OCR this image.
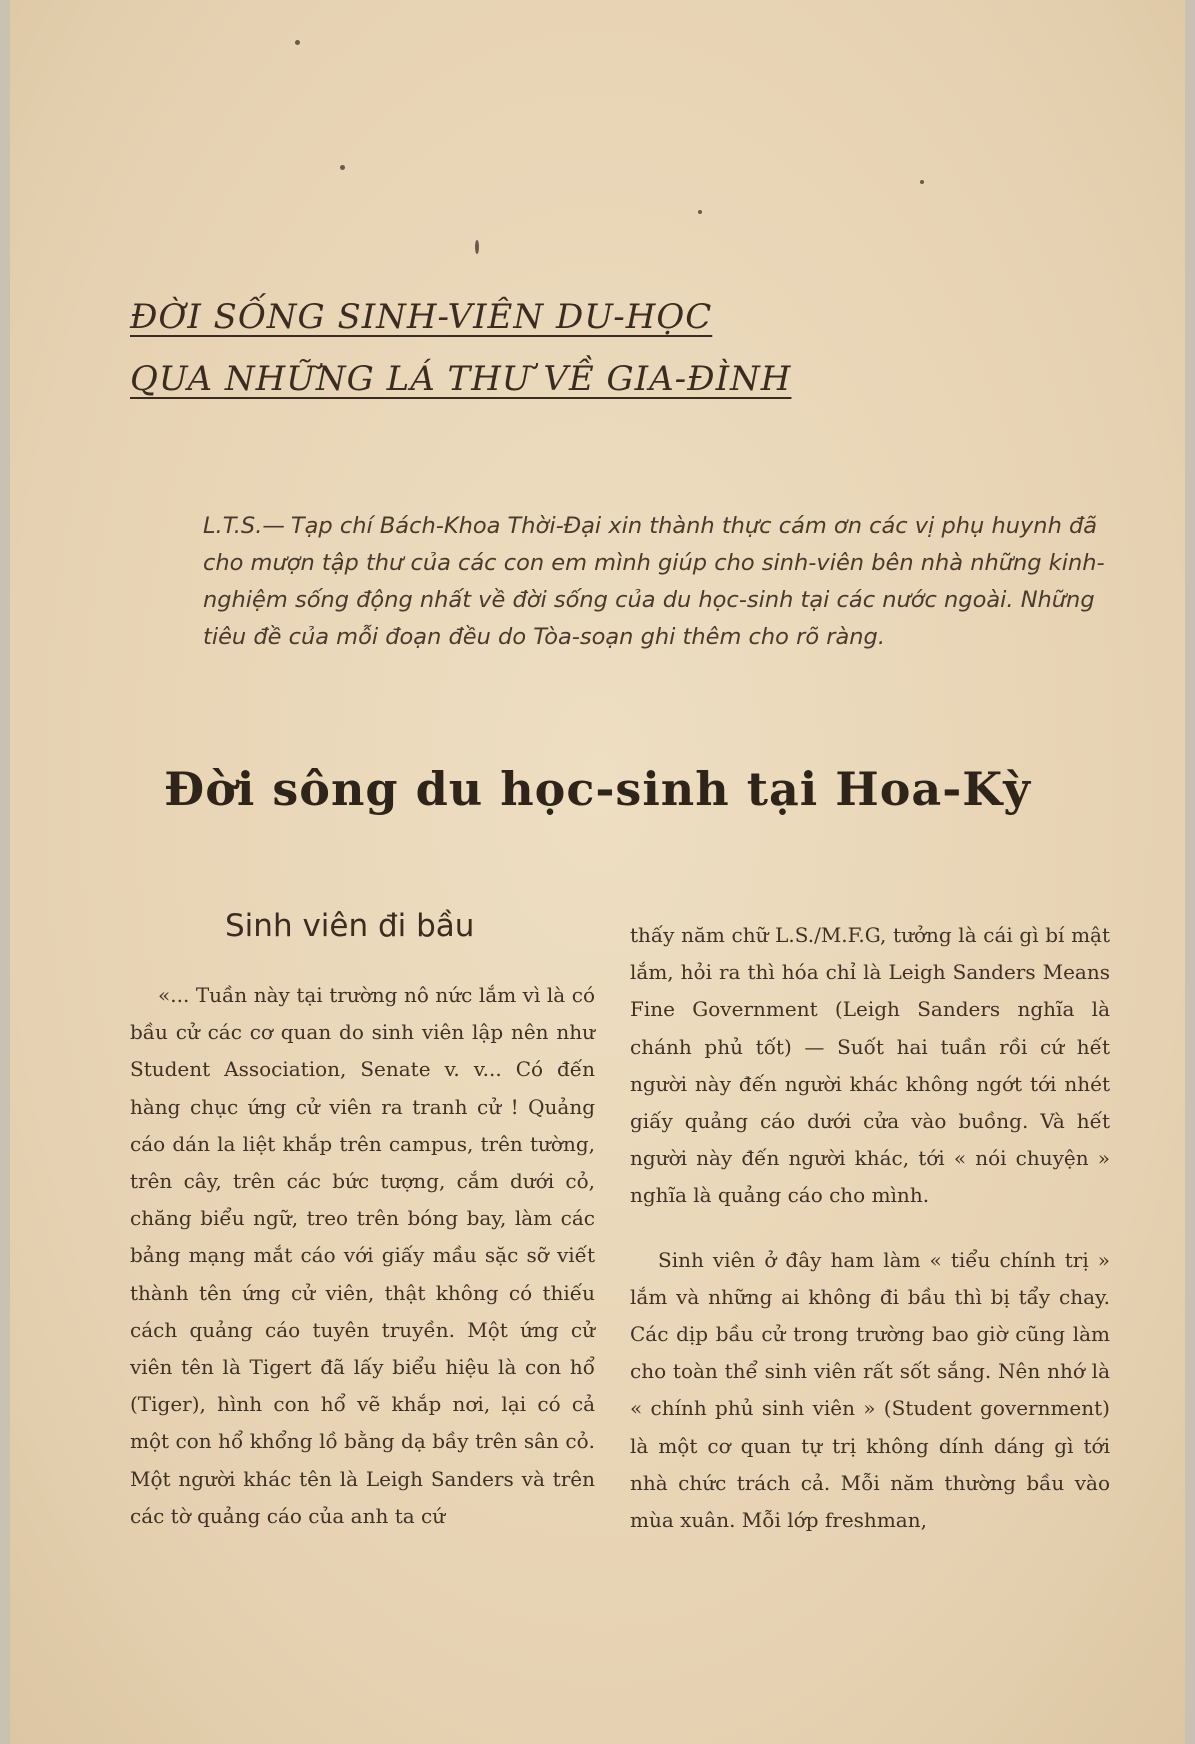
ĐỜI SỐNG SINH-VIÊN DU-HỌC
QUA NHỮNG LÁ THƯ VỀ GIA-ĐÌNH
L.T.S.— Tạp chí Bách-Khoa Thời-Đại xin thành thực cám ơn các vị phụ huynh đã cho mượn tập thư của các con em mình giúp cho sinh-viên bên nhà những kinh-nghiệm sống động nhất về đời sống của du học-sinh tại các nước ngoài. Những tiêu đề của mỗi đoạn đều do Tòa-soạn ghi thêm cho rõ ràng.
Đời sông du học-sinh tại Hoa-Kỳ
Sinh viên đi bầu

«... Tuần này tại trường nô nức lắm vì là có bầu cử các cơ quan do sinh viên lập nên như Student Association, Senate v. v... Có đến hàng chục ứng cử viên ra tranh cử ! Quảng cáo dán la liệt khắp trên campus, trên tường, trên cây, trên các bức tượng, cắm dưới cỏ, chăng biểu ngữ, treo trên bóng bay, làm các bảng mạng mắt cáo với giấy mầu sặc sỡ viết thành tên ứng cử viên, thật không có thiếu cách quảng cáo tuyên truyền. Một ứng cử viên tên là Tigert đã lấy biểu hiệu là con hổ (Tiger), hình con hổ vẽ khắp nơi, lại có cả một con hổ khổng lồ bằng dạ bầy trên sân cỏ. Một người khác tên là Leigh Sanders và trên các tờ quảng cáo của anh ta cứ

thấy năm chữ L.S./M.F.G, tưởng là cái gì bí mật lắm, hỏi ra thì hóa chỉ là Leigh Sanders Means Fine Government (Leigh Sanders nghĩa là chánh phủ tốt) — Suốt hai tuần rồi cứ hết người này đến người khác không ngớt tới nhét giấy quảng cáo dưới cửa vào buồng. Và hết người này đến người khác, tới « nói chuyện » nghĩa là quảng cáo cho mình.

Sinh viên ở đây ham làm « tiểu chính trị » lắm và những ai không đi bầu thì bị tẩy chay. Các dịp bầu cử trong trường bao giờ cũng làm cho toàn thể sinh viên rất sốt sắng. Nên nhớ là « chính phủ sinh viên » (Student government) là một cơ quan tự trị không dính dáng gì tới nhà chức trách cả. Mỗi năm thường bầu vào mùa xuân. Mỗi lớp freshman,
